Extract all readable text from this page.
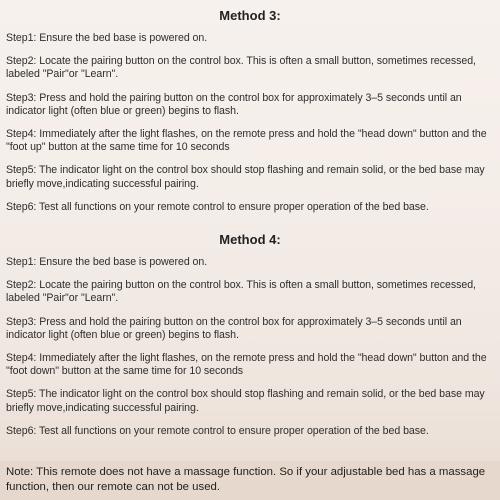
Method 3:

Step1: Ensure the bed base is powered on.

Step2: Locate the pairing button on the control box. This is often a small button, sometimes recessed, labeled "Pair"or "Learn".

Step3: Press and hold the pairing button on the control box for approximately 3–5 seconds until an indicator light (often blue or green) begins to flash.

Step4: Immediately after the light flashes, on the remote press and hold the "head down" button and the "foot up" button at the same time for 10 seconds

Step5: The indicator light on the control box should stop flashing and remain solid, or the bed base may briefly move,indicating successful pairing.

Step6: Test all functions on your remote control to ensure proper operation of the bed base.

Method 4:

Step1: Ensure the bed base is powered on.

Step2: Locate the pairing button on the control box. This is often a small button, sometimes recessed, labeled "Pair"or "Learn".

Step3: Press and hold the pairing button on the control box for approximately 3–5 seconds until an indicator light (often blue or green) begins to flash.

Step4: Immediately after the light flashes, on the remote press and hold the "head down" button and the "foot down" button at the same time for 10 seconds

Step5: The indicator light on the control box should stop flashing and remain solid, or the bed base may briefly move,indicating successful pairing.

Step6: Test all functions on your remote control to ensure proper operation of the bed base.

Note: This remote does not have a massage function. So if your adjustable bed has a massage function, then our remote can not be used.
